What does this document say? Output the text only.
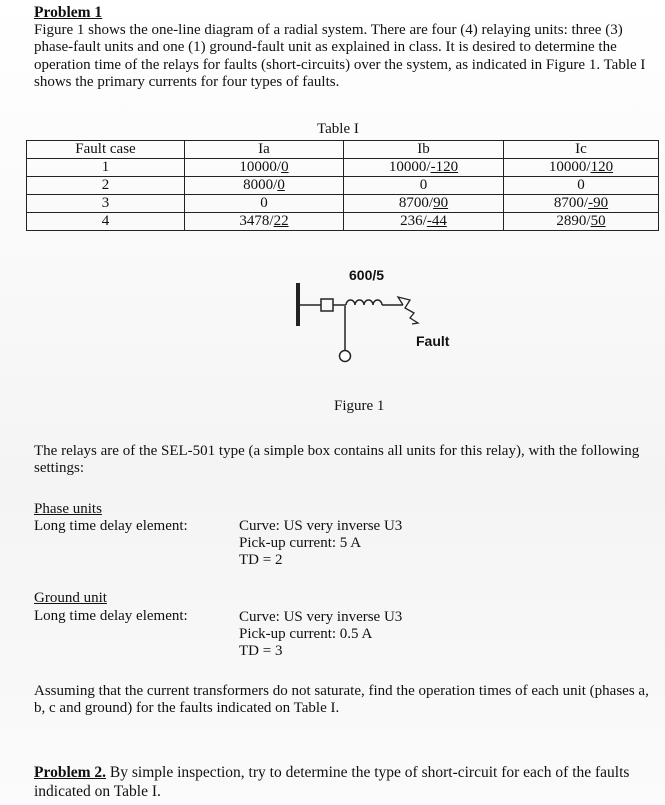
Problem 1
Figure 1 shows the one-line diagram of a radial system. There are four (4) relaying units: three (3) phase-fault units and one (1) ground-fault unit as explained in class. It is desired to determine the operation time of the relays for faults (short-circuits) over the system, as indicated in Figure 1. Table I shows the primary currents for four types of faults.
Table I
Fault case	Ia	Ib	Ic
1	10000/0	10000/-120	10000/120
2	8000/0	0	0
3	0	8700/90	8700/-90
4	3478/22	236/-44	2890/50
600/5
Fault
Figure 1
The relays are of the SEL-501 type (a simple box contains all units for this relay), with the following settings:
Phase units
Long time delay element:	Curve: US very inverse U3
Pick-up current: 5 A
TD = 2
Ground unit
Long time delay element:	Curve: US very inverse U3
Pick-up current: 0.5 A
TD = 3
Assuming that the current transformers do not saturate, find the operation times of each unit (phases a, b, c and ground) for the faults indicated on Table I.
Problem 2. By simple inspection, try to determine the type of short-circuit for each of the faults indicated on Table I.
